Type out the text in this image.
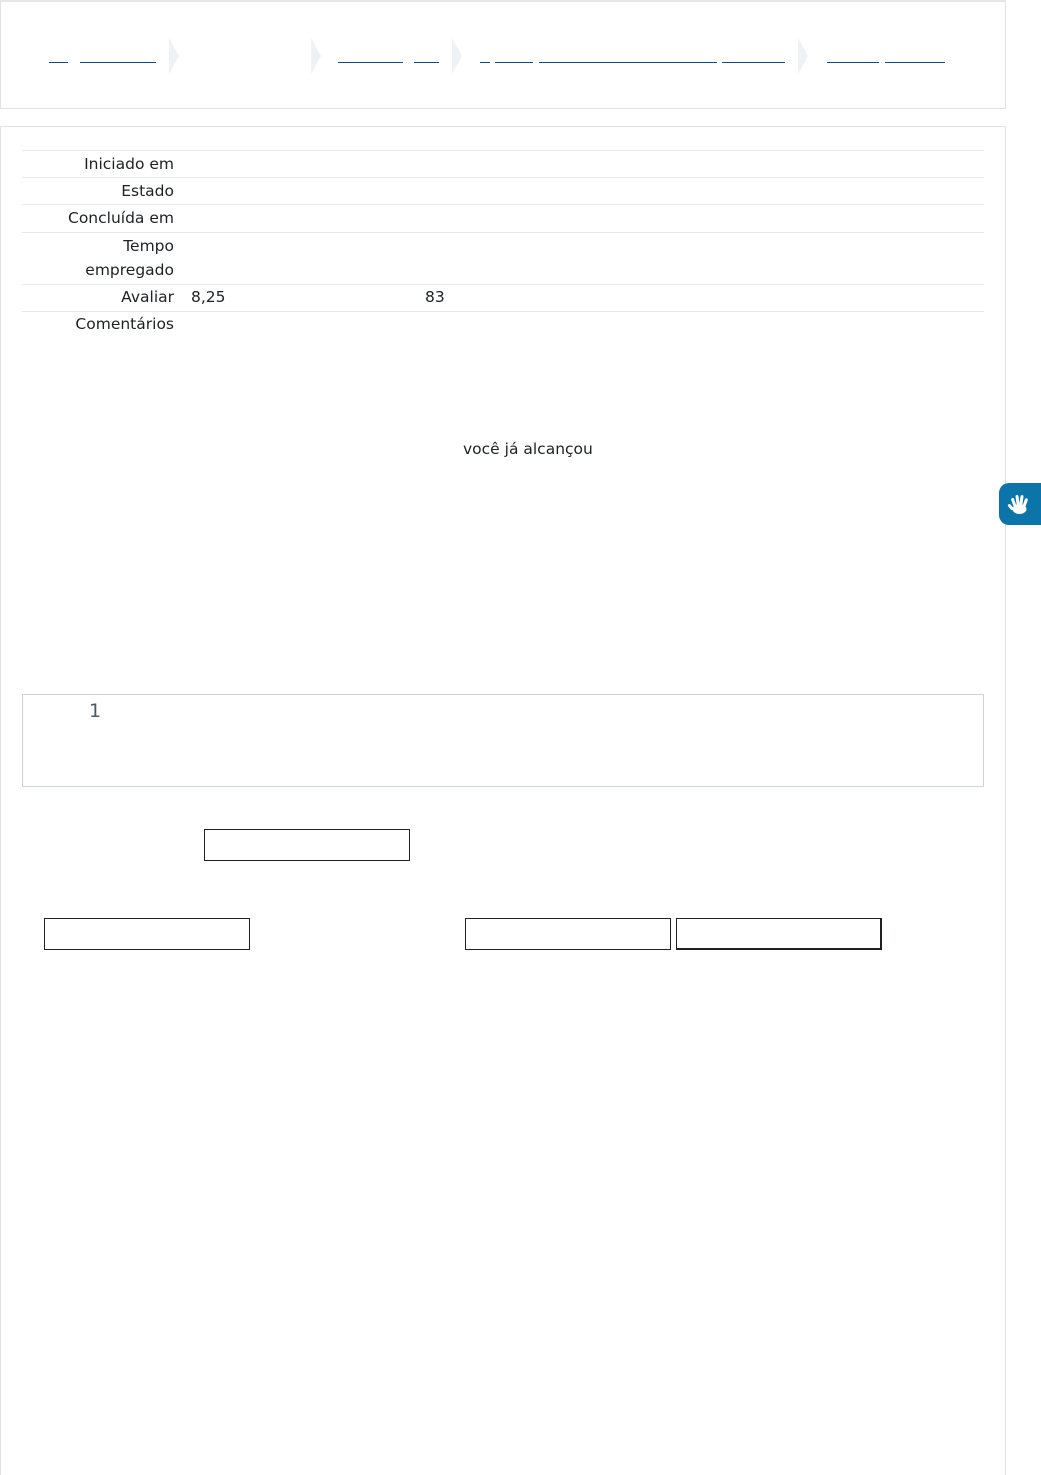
Iniciado em
Estado
Concluída em
Tempo empregado
Avaliar 8,25	83
Comentários
você já alcançou
1
